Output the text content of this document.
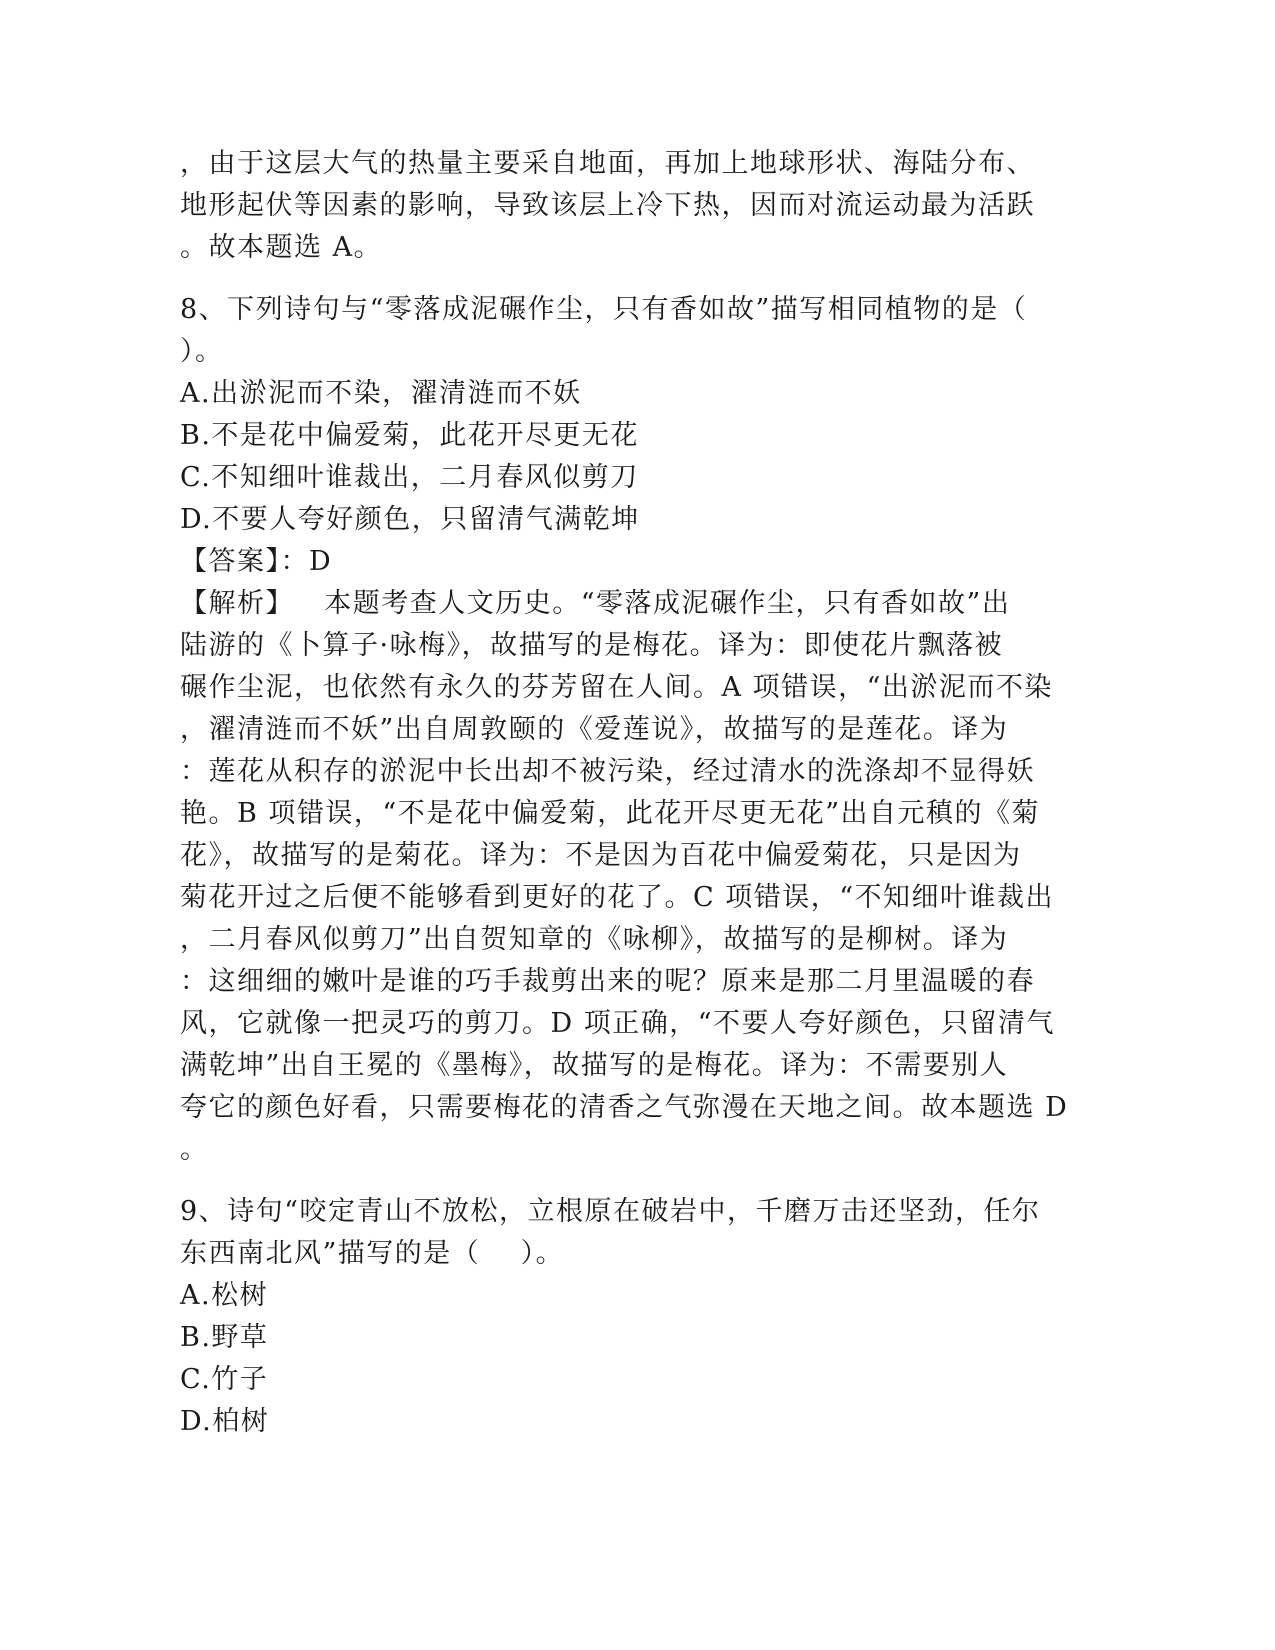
，由于这层大气的热量主要采自地面，再加上地球形状、海陆分布、
地形起伏等因素的影响，导致该层上冷下热，因而对流运动最为活跃
。故本题选 A。
8、下列诗句与“零落成泥碾作尘，只有香如故”描写相同植物的是（
）。
A.出淤泥而不染，濯清涟而不妖
B.不是花中偏爱菊，此花开尽更无花
C.不知细叶谁裁出，二月春风似剪刀
D.不要人夸好颜色，只留清气满乾坤
【答案】：D
【解析】   本题考查人文历史。“零落成泥碾作尘，只有香如故”出
陆游的《卜算子·咏梅》，故描写的是梅花。译为：即使花片飘落被
碾作尘泥，也依然有永久的芬芳留在人间。A 项错误，“出淤泥而不染
，濯清涟而不妖”出自周敦颐的《爱莲说》，故描写的是莲花。译为
：莲花从积存的淤泥中长出却不被污染，经过清水的洗涤却不显得妖
艳。B 项错误，“不是花中偏爱菊，此花开尽更无花”出自元稹的《菊
花》，故描写的是菊花。译为：不是因为百花中偏爱菊花，只是因为
菊花开过之后便不能够看到更好的花了。C 项错误，“不知细叶谁裁出
，二月春风似剪刀”出自贺知章的《咏柳》，故描写的是柳树。译为
：这细细的嫩叶是谁的巧手裁剪出来的呢？原来是那二月里温暖的春
风，它就像一把灵巧的剪刀。D 项正确，“不要人夸好颜色，只留清气
满乾坤”出自王冕的《墨梅》，故描写的是梅花。译为：不需要别人
夸它的颜色好看，只需要梅花的清香之气弥漫在天地之间。故本题选 D
。
9、诗句“咬定青山不放松，立根原在破岩中，千磨万击还坚劲，任尔
东西南北风”描写的是（    ）。
A.松树
B.野草
C.竹子
D.柏树
